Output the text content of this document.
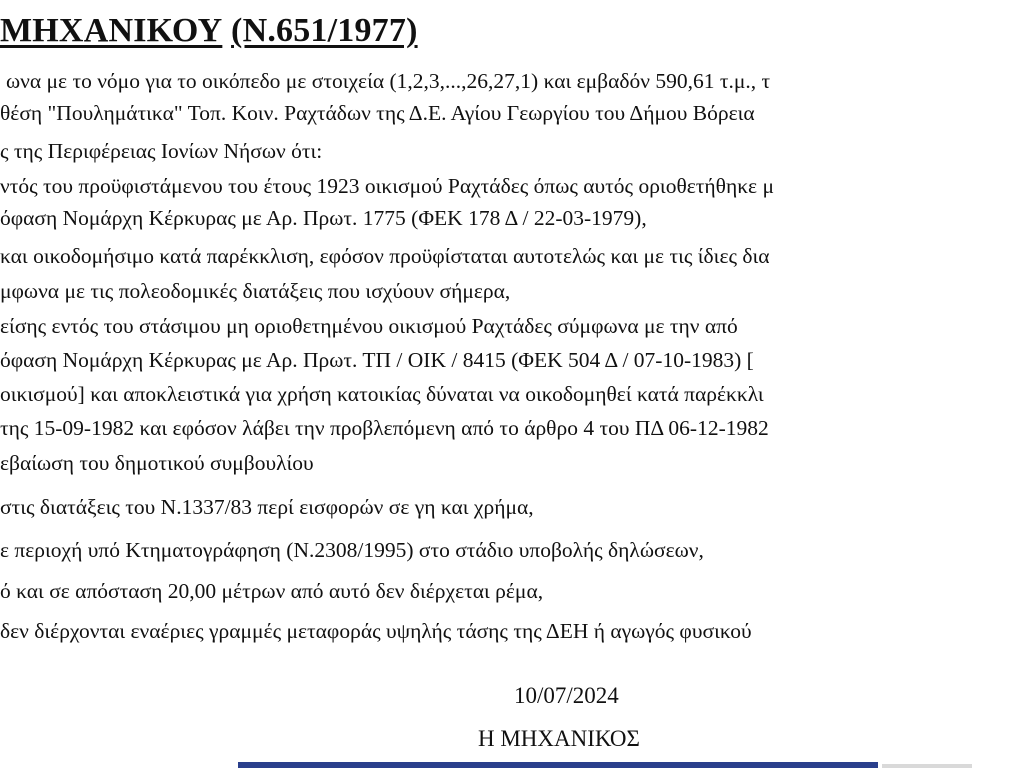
ΜΗΧΑΝΙΚΟΥ (Ν.651/1977)

ωνα με το νόμο για το οικόπεδο με στοιχεία (1,2,3,...,26,27,1) και εμβαδόν 590,61 τ.μ., τ

θέση "Πουλημάτικα" Τοπ. Κοιν. Ραχτάδων της Δ.Ε. Αγίου Γεωργίου του Δήμου Βόρεια

ς της Περιφέρειας Ιονίων Νήσων ότι:

ντός του προϋφιστάμενου του έτους 1923 οικισμού Ραχτάδες όπως αυτός οριοθετήθηκε μ

όφαση Νομάρχη Κέρκυρας με Αρ. Πρωτ. 1775 (ΦΕΚ 178 Δ / 22-03-1979),

και οικοδομήσιμο κατά παρέκκλιση, εφόσον προϋφίσταται αυτοτελώς και με τις ίδιες δια

μφωνα με τις πολεοδομικές διατάξεις που ισχύουν σήμερα,

είσης εντός του στάσιμου μη οριοθετημένου οικισμού Ραχτάδες σύμφωνα με την από

όφαση Νομάρχη Κέρκυρας με Αρ. Πρωτ. ΤΠ / ΟΙΚ / 8415 (ΦΕΚ 504 Δ / 07-10-1983) [

οικισμού] και αποκλειστικά για χρήση κατοικίας δύναται να οικοδομηθεί κατά παρέκκλι

της 15-09-1982 και εφόσον λάβει την προβλεπόμενη από το άρθρο 4 του ΠΔ 06-12-1982

εβαίωση του δημοτικού συμβουλίου

στις διατάξεις του Ν.1337/83 περί εισφορών σε γη και χρήμα,

ε περιοχή υπό Κτηματογράφηση (Ν.2308/1995) στο στάδιο υποβολής δηλώσεων,

ό και σε απόσταση 20,00 μέτρων από αυτό δεν διέρχεται ρέμα,

δεν διέρχονται εναέριες γραμμές μεταφοράς υψηλής τάσης της ΔΕΗ ή αγωγός φυσικού

10/07/2024
Η ΜΗΧΑΝΙΚΟΣ
